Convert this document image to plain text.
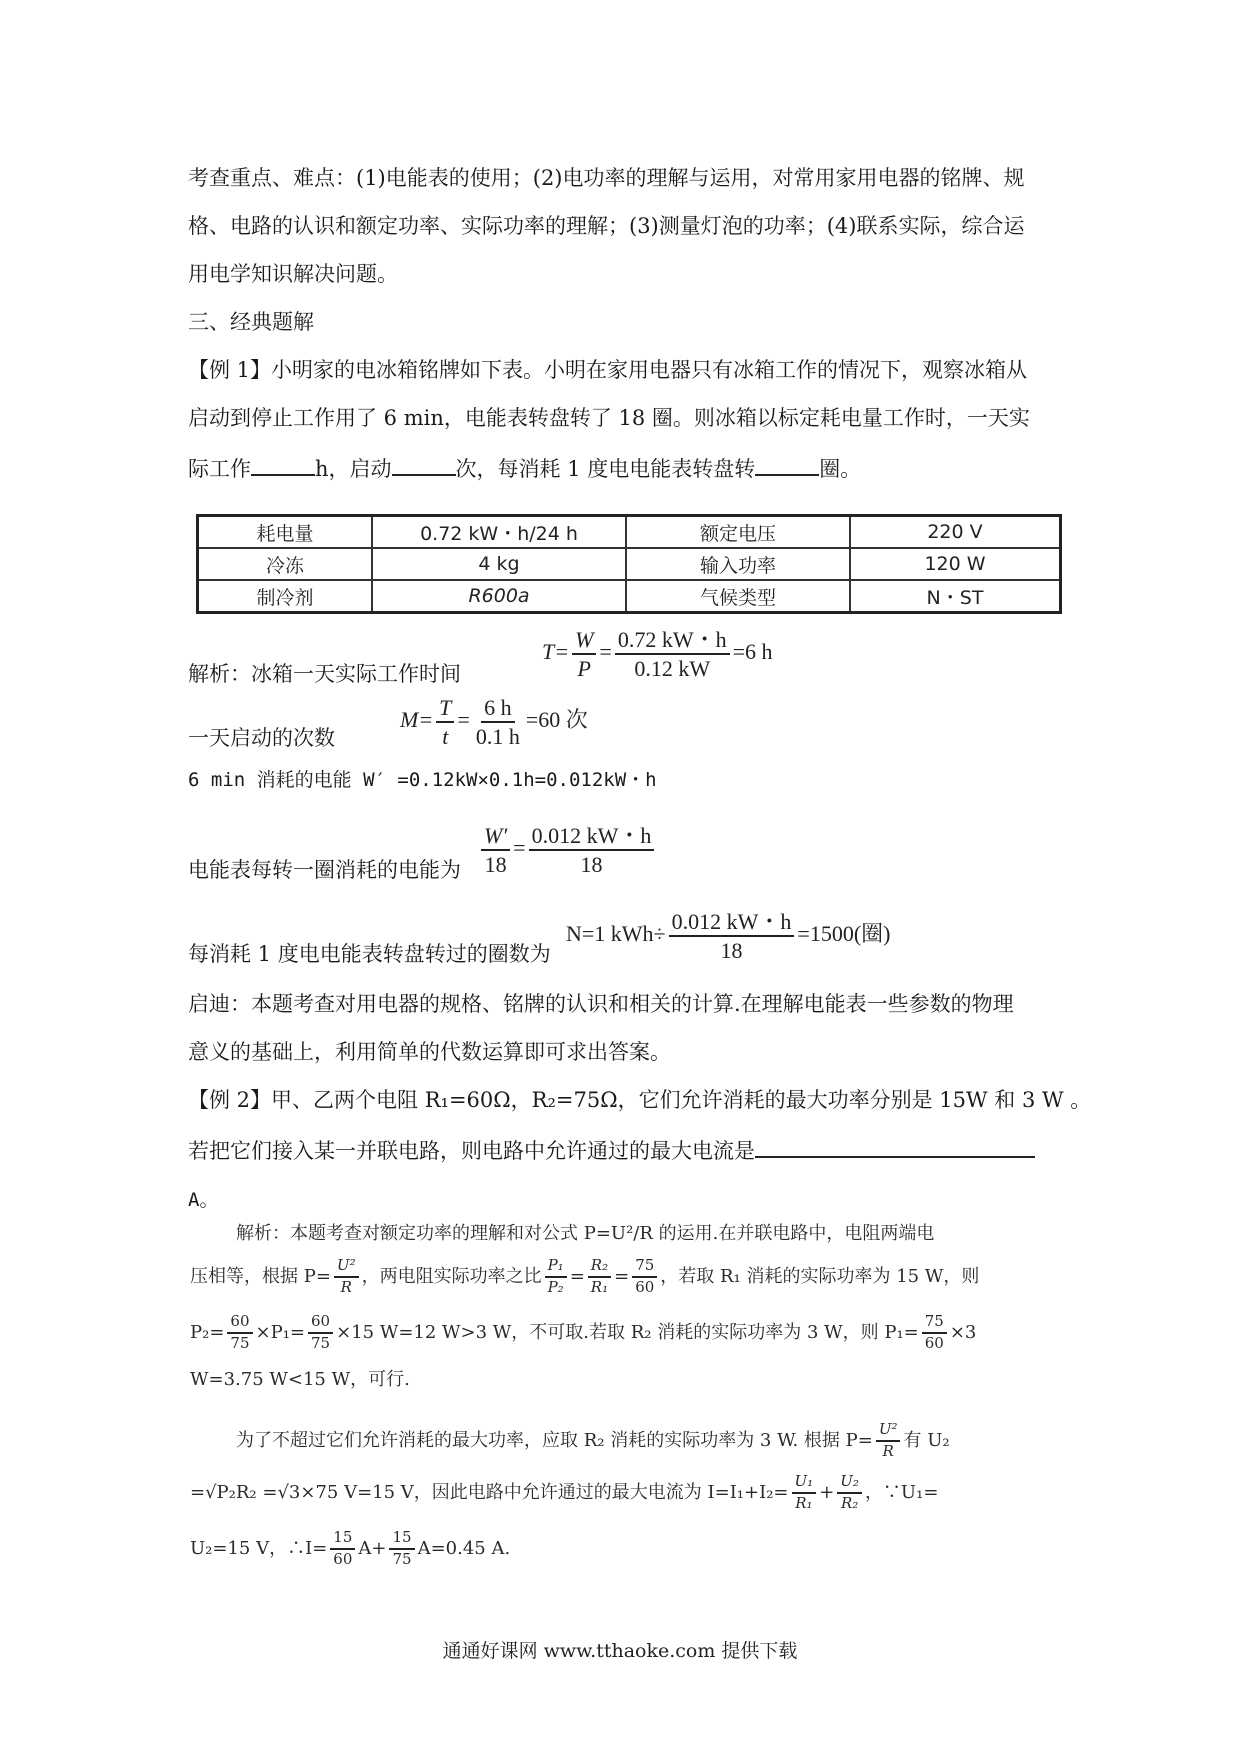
考查重点、难点：(1)电能表的使用；(2)电功率的理解与运用，对常用家用电器的铭牌、规
格、电路的认识和额定功率、实际功率的理解；(3)测量灯泡的功率；(4)联系实际，综合运
用电学知识解决问题。
三、经典题解
【例 1】小明家的电冰箱铭牌如下表。小明在家用电器只有冰箱工作的情况下，观察冰箱从
启动到停止工作用了 6 min，电能表转盘转了 18 圈。则冰箱以标定耗电量工作时，一天实
际工作	h，启动	次，每消耗 1 度电电能表转盘转	圈。
耗电量	0.72 kW・h/24 h	额定电压	220 V
冷冻	4 kg	输入功率	120 W
制冷剂	R600a	气候类型	N・ST
解析：冰箱一天实际工作时间
$T= \frac{W}{P} = \frac{0.72 kW・h}{0.12 kW} =6$ h
一天启动的次数
$M= \frac{T}{t} = \frac{6 h}{0.1 h} =60$ 次
6 min 消耗的电能 W′ =0.12kW×0.1h=0.012kW・h
电能表每转一圈消耗的电能为 $\frac{W'}{18} = \frac{0.012 kW・h}{18}$
每消耗 1 度电电能表转盘转过的圈数为
N=1 $kWh\div \frac{0.012 kW・h}{18} =1500$(圈)
启迪：本题考查对用电器的规格、铭牌的认识和相关的计算.在理解电能表一些参数的物理
意义的基础上，利用简单的代数运算即可求出答案。
【例 2】甲、乙两个电阻 R₁=60Ω，R₂=75Ω，它们允许消耗的最大功率分别是 15W 和 3 W 。
若把它们接入某一并联电路，则电路中允许通过的最大电流是
A。
解析：本题考查对额定功率的理解和对公式 P=U²/R 的运用.在并联电路中，电阻两端电
压相等，根据 $P= \frac{\text{U²}}{R}$ ，两电阻实际功率之比 $\frac{\text{P₁}}{\text{P₂}} = \frac{\text{R₂}}{\text{R₁}} = \frac{75}{60}$ ，若取 R₁ 消耗的实际功率为 15 W，则
$P_2= \frac{60}{75} \times P_1= \frac{60}{75} \times 15$ W=12 W>3 W，不可取.若取 R₂ 消耗的实际功率为 3 W，则 $P_1= \frac{75}{60} \times 3$
W=3.75 W<15 W，可行.
为了不超过它们允许消耗的最大功率，应取 R₂ 消耗的实际功率为 3 W. 根据 $P= \frac{\text{U²}}{R}$ 有 U₂
=√P₂R₂ =√3×75 V=15 V，因此电路中允许通过的最大电流为 $I=I_1+I_2= \frac{\text{U₁}}{\text{R₁}} + \frac{\text{U₂}}{\text{R₂}}$ ，∵U₁=
U₂=15 V，∴I= $\frac{15}{60} A+ \frac{15}{75} A=0.45$ A.
通通好课网 www.tthaoke.com 提供下载
